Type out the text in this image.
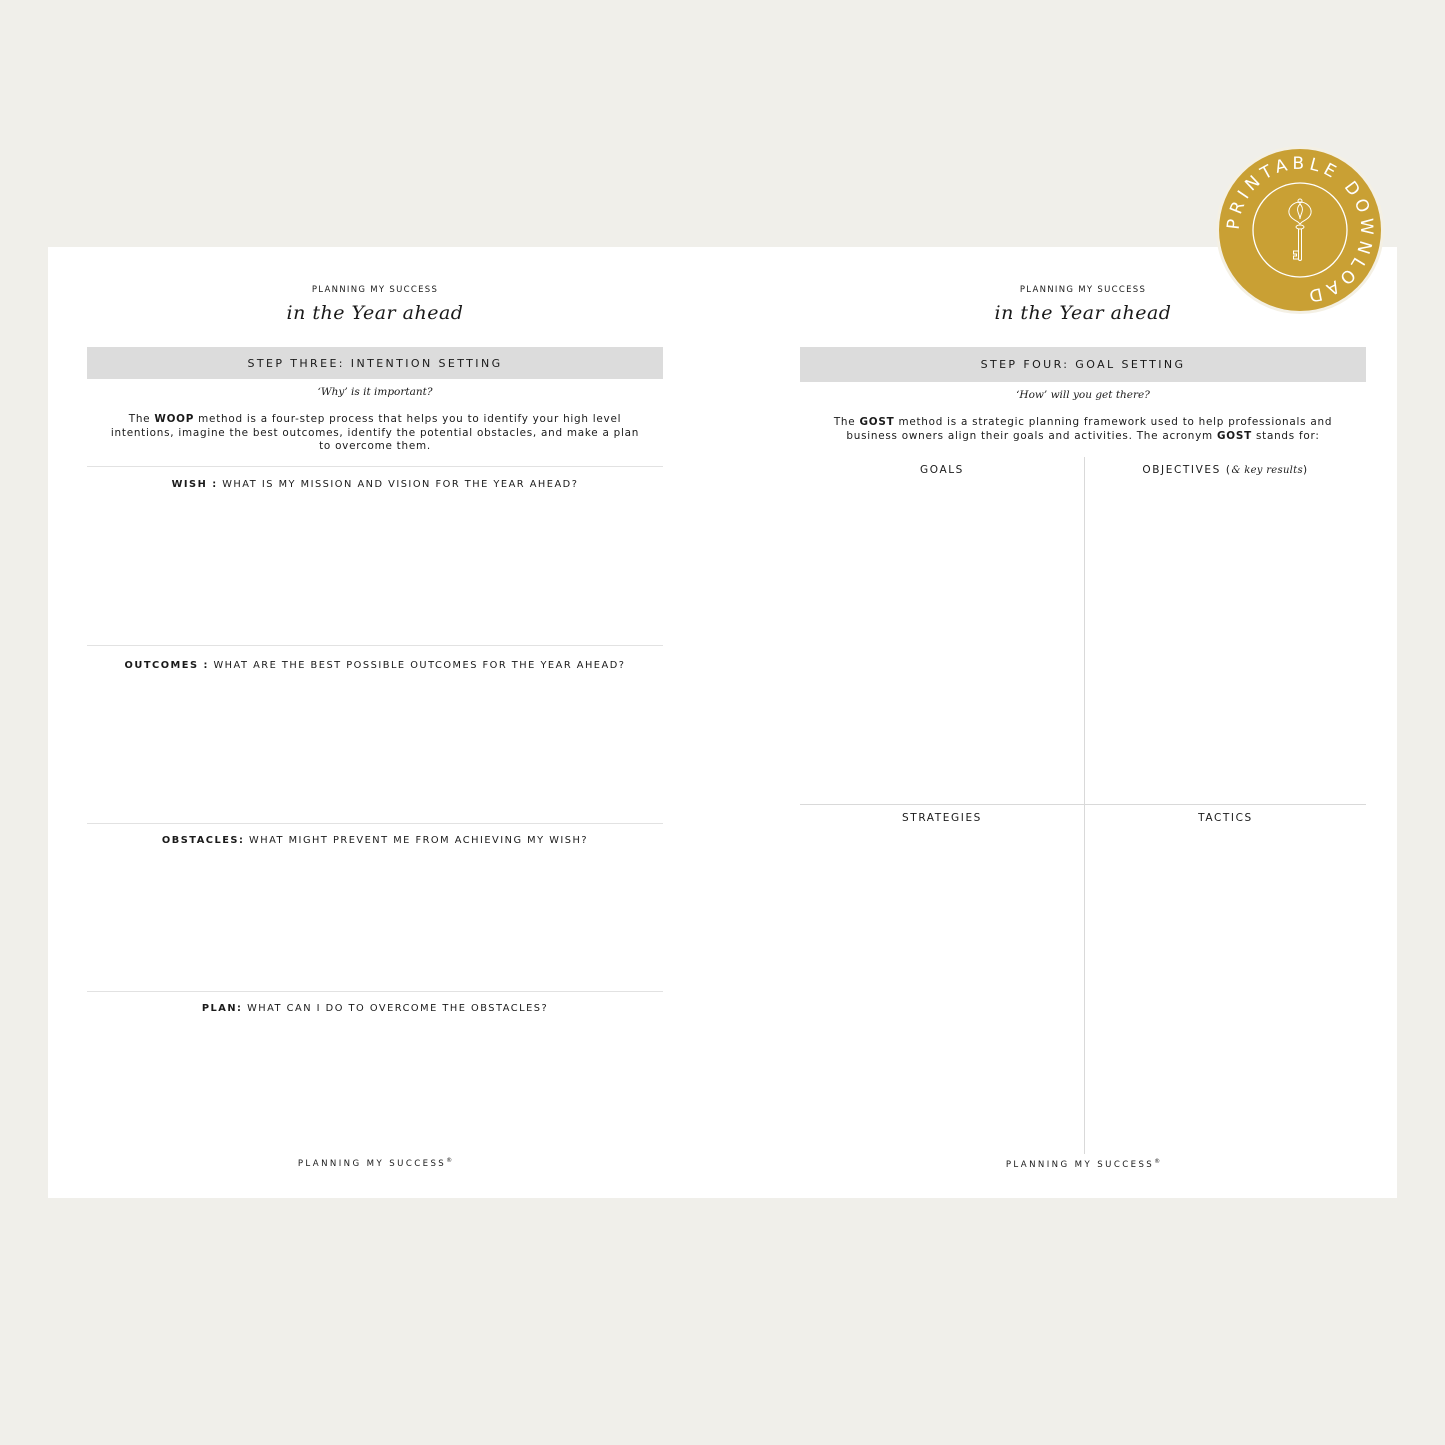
PLANNING MY SUCCESS
in the Year ahead
STEP THREE: INTENTION SETTING
‘Why’ is it important?
The WOOP method is a four-step process that helps you to identify your high level
intentions, imagine the best outcomes, identify the potential obstacles, and make a plan
to overcome them.
WISH : WHAT IS MY MISSION AND VISION FOR THE YEAR AHEAD?
OUTCOMES : WHAT ARE THE BEST POSSIBLE OUTCOMES FOR THE YEAR AHEAD?
OBSTACLES: WHAT MIGHT PREVENT ME FROM ACHIEVING MY WISH?
PLAN: WHAT CAN I DO TO OVERCOME THE OBSTACLES?
PLANNING MY SUCCESS®
PLANNING MY SUCCESS
in the Year ahead
STEP FOUR: GOAL SETTING
‘How’ will you get there?
The GOST method is a strategic planning framework used to help professionals and
business owners align their goals and activities. The acronym GOST stands for:
GOALS	OBJECTIVES (& key results)
STRATEGIES	TACTICS
PLANNING MY SUCCESS®
PRINTABLE DOWNLOAD
